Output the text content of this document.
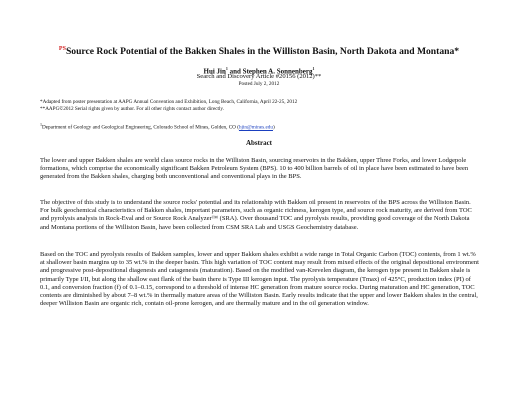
$^{PS}$Source Rock Potential of the Bakken Shales in the Williston Basin, North Dakota and Montana*
Hui Jin$^1$ and Stephen A. Sonnenberg$^1$
Search and Discovery Article #20156 (2012)**
Posted July 2, 2012
*Adapted from poster presentation at AAPG Annual Convention and Exhibition, Long Beach, California, April 22-25, 2012
**AAPG©2012 Serial rights given by author. For all other rights contact author directly.
$^1$Department of Geology and Geological Engineering, Colorado School of Mines, Golden, CO (hjin@mines.edu)
Abstract
The lower and upper Bakken shales are world class source rocks in the Williston Basin, sourcing reservoirs in the Bakken, upper Three Forks, and lower Lodgepole formations, which comprise the economically significant Bakken Petroleum System (BPS). 10 to 400 billion barrels of oil in place have been estimated to have been generated from the Bakken shales, charging both unconventional and conventional plays in the BPS.
The objective of this study is to understand the source rocks' potential and its relationship with Bakken oil present in reservoirs of the BPS across the Williston Basin. For bulk geochemical characteristics of Bakken shales, important parameters, such as organic richness, kerogen type, and source rock maturity, are derived from TOC and pyrolysis analysis in Rock-Eval and or Source Rock Analyzer™ (SRA). Over thousand TOC and pyrolysis results, providing good coverage of the North Dakota and Montana portions of the Williston Basin, have been collected from CSM SRA Lab and USGS Geochemistry database.
Based on the TOC and pyrolysis results of Bakken samples, lower and upper Bakken shales exhibit a wide range in Total Organic Carbon (TOC) contents, from 1 wt.% at shallower basin margins up to 35 wt.% in the deeper basin. This high variation of TOC content may result from mixed effects of the original depositional environment and progressive post-depositional diagenesis and catagenesis (maturation). Based on the modified van-Krevelen diagram, the kerogen type present in Bakken shale is primarily Type I/II, but along the shallow east flank of the basin there is Type III kerogen input. The pyrolysis temperature (Tmax) of 425°C, production index (PI) of 0.1, and conversion fraction (f) of 0.1–0.15, correspond to a threshold of intense HC generation from mature source rocks. During maturation and HC generation, TOC contents are diminished by about 7–8 wt.% in thermally mature areas of the Williston Basin. Early results indicate that the upper and lower Bakken shales in the central, deeper Williston Basin are organic rich, contain oil-prone kerogen, and are thermally mature and in the oil generation window.
